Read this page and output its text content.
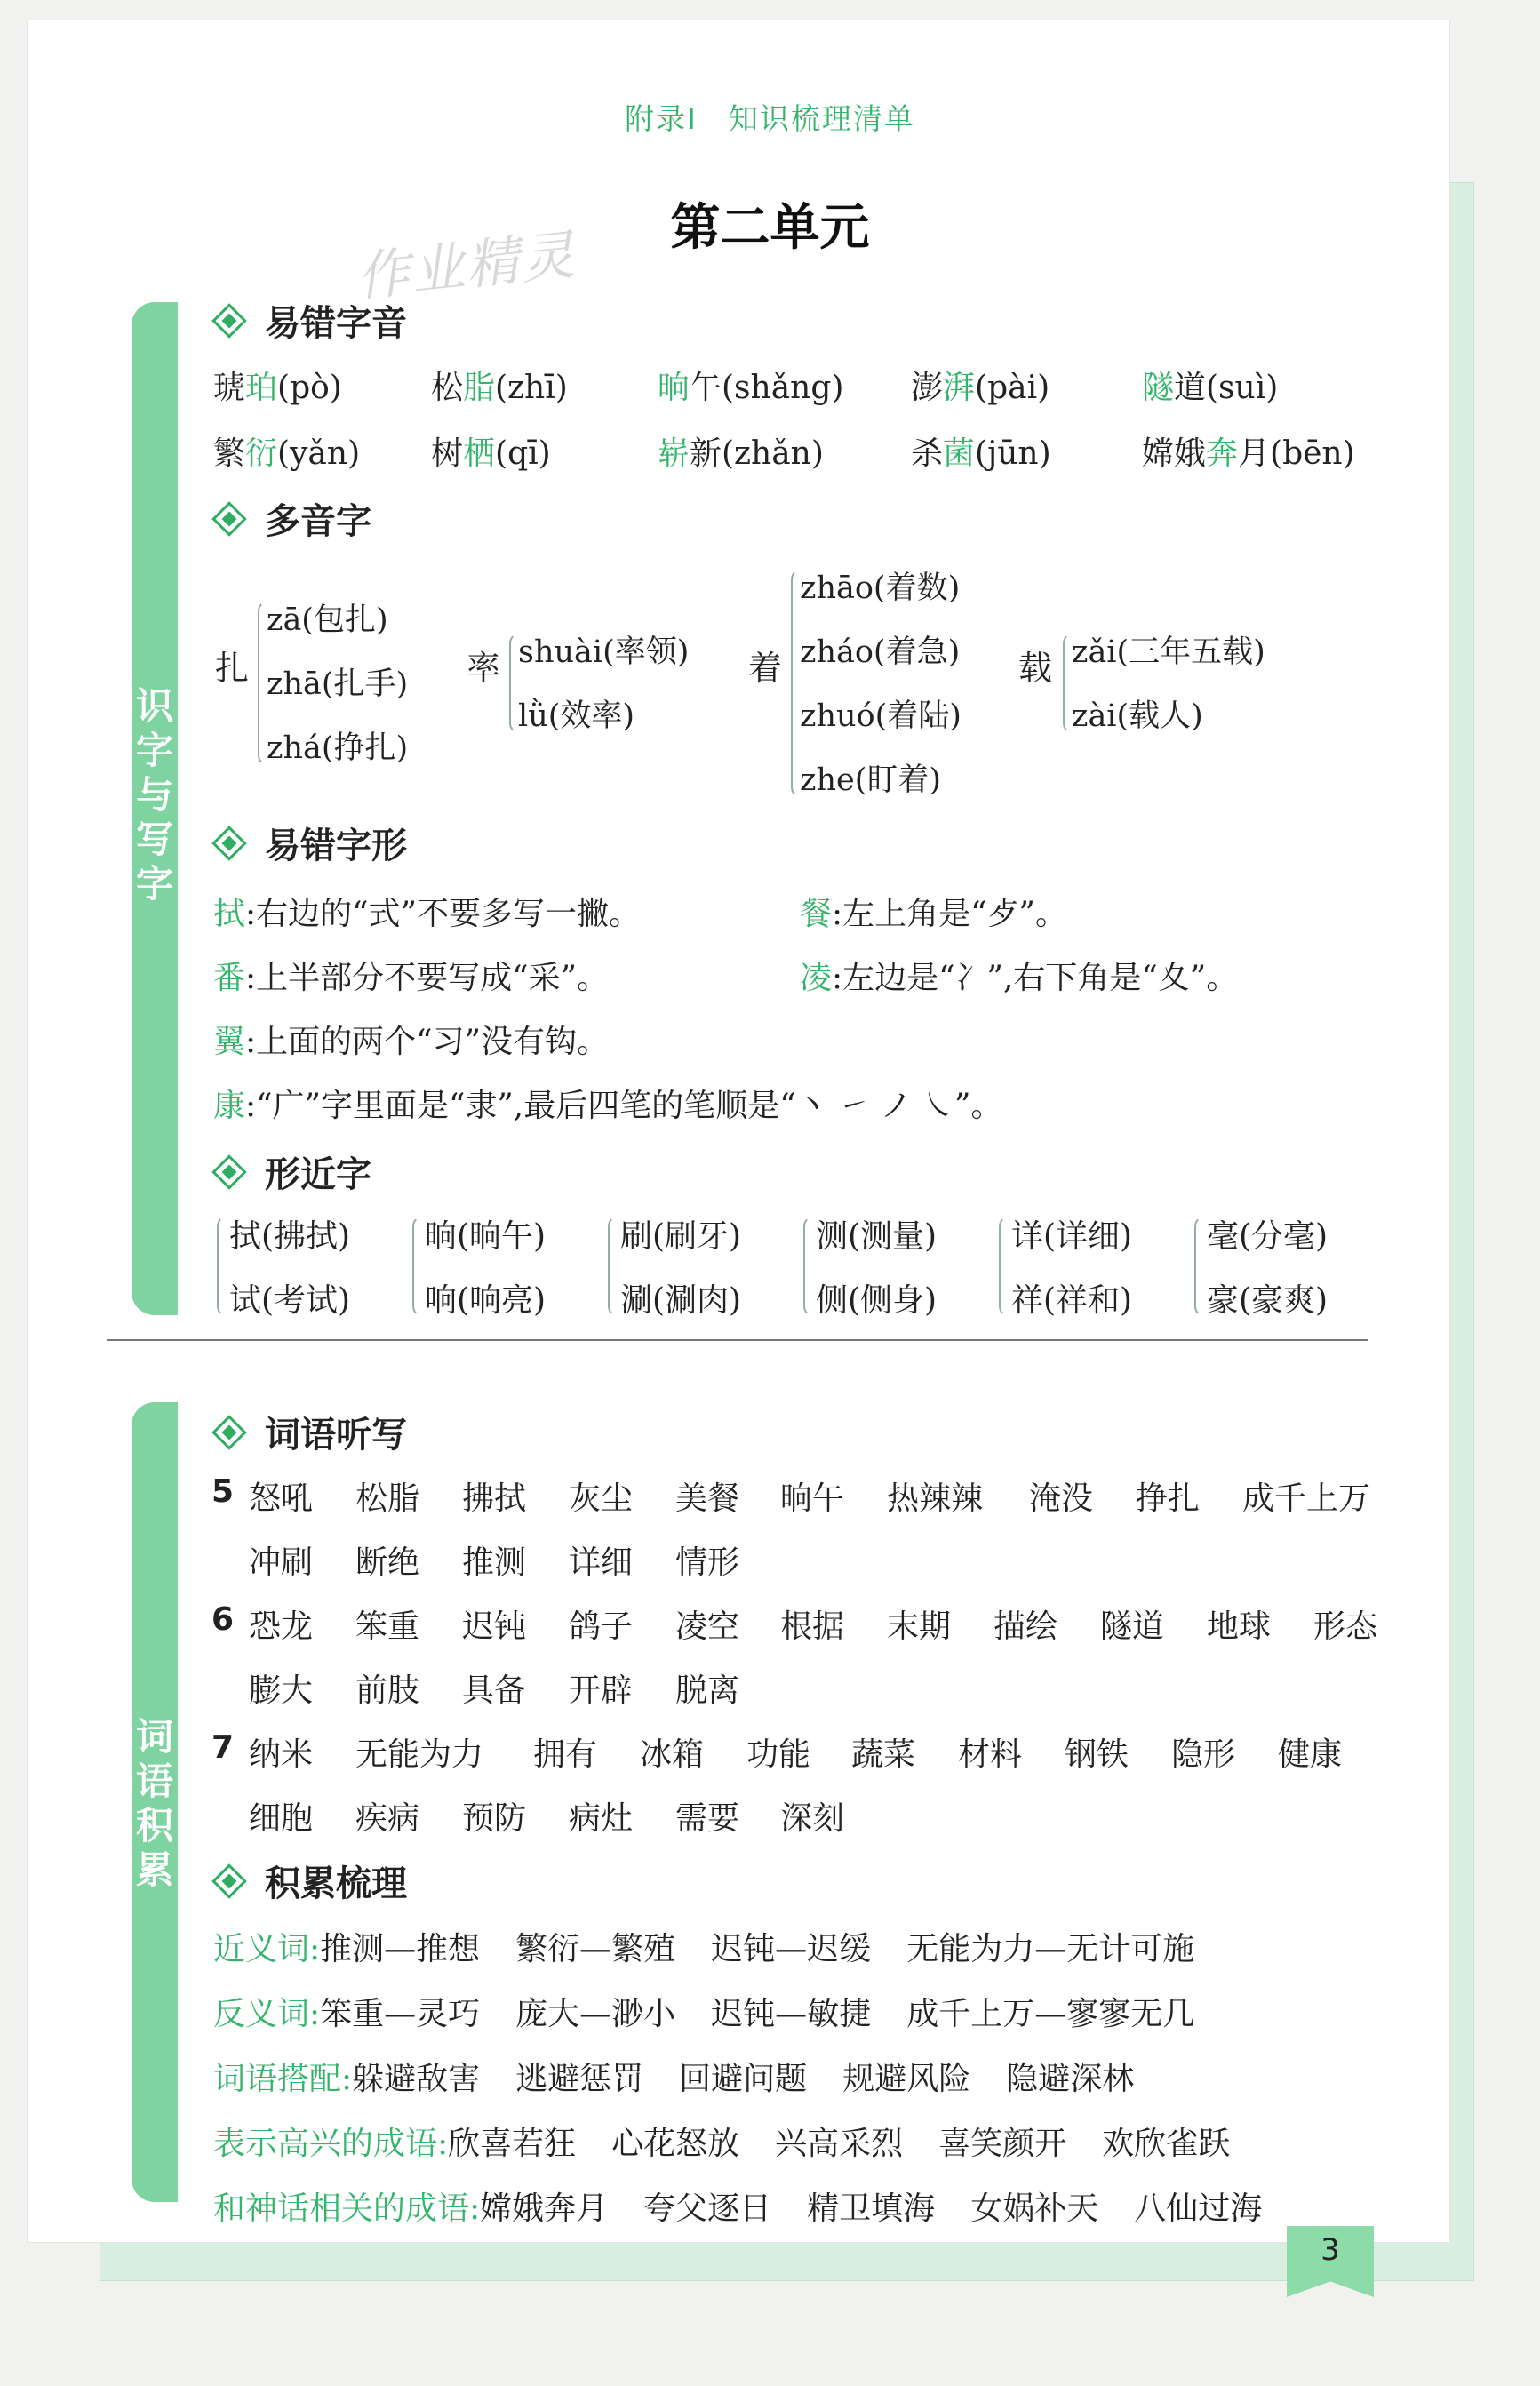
附录Ⅰ　知识梳理清单
第二单元
作业精灵
识
字
与
写
字
词
语
积
累
易错字音
琥珀(pò)	松脂(zhī)	晌午(shǎng) 澎湃(pài)	隧道(suì)
繁衍(yǎn) 树栖(qī)	崭新(zhǎn)	杀菌(jūn)	嫦娥奔月(bēn)
多音字
扎
zā(包扎)
zhā(扎手)
zhá(挣扎)
率 shuài(率领)
lǜ(效率)
着
zhāo(着数)
zháo(着急)
zhuó(着陆)
zhe(盯着)
载 zǎi(三年五载)
zài(载人)
易错字形
拭:右边的“式”不要多写一撇。	餐:左上角是“歺”。
番:上半部分不要写成“采”。	凌:左边是“冫”,右下角是“夊”。
翼:上面的两个“习”没有钩。
康:“广”字里面是“隶”,最后四笔的笔顺是“丶 ㇀ ノ ㇏”。
形近字
拭(拂拭)
试(考试)
晌(晌午)
响(响亮)
刷(刷牙)
涮(涮肉)
测(测量)
侧(侧身)
详(详细)
祥(祥和)
毫(分毫)
豪(豪爽)
词语听写
5 怒吼 松脂 拂拭 灰尘 美餐 晌午 热辣辣 淹没 挣扎 成千上万
冲刷 断绝 推测 详细 情形
6 恐龙 笨重 迟钝 鸽子 凌空 根据 末期 描绘 隧道 地球 形态
膨大 前肢 具备 开辟 脱离
7 纳米 无能为力 拥有 冰箱 功能 蔬菜 材料 钢铁 隐形 健康
细胞 疾病 预防 病灶 需要 深刻
积累梳理
近义词:推测—推想 繁衍—繁殖 迟钝—迟缓 无能为力—无计可施
反义词:笨重—灵巧 庞大—渺小 迟钝—敏捷 成千上万—寥寥无几
词语搭配:躲避敌害 逃避惩罚 回避问题 规避风险 隐避深林
表示高兴的成语:欣喜若狂 心花怒放 兴高采烈 喜笑颜开 欢欣雀跃
和神话相关的成语:嫦娥奔月 夸父逐日 精卫填海 女娲补天 八仙过海
3
